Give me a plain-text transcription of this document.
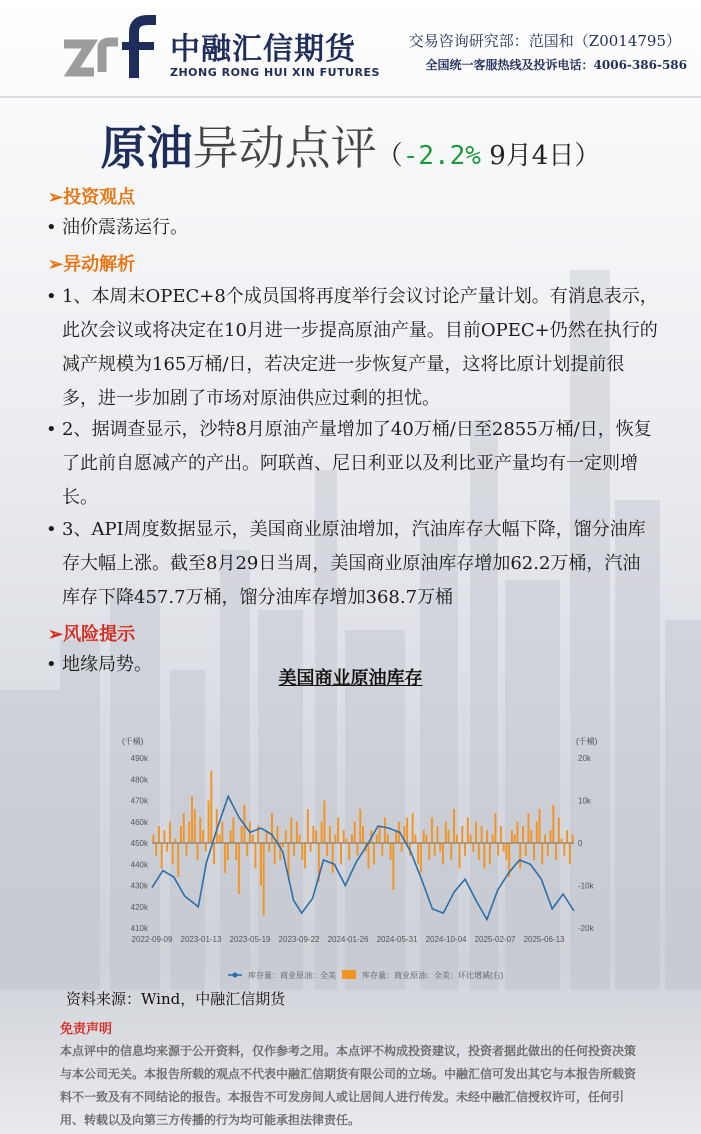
中融汇信期货
ZHONG RONG HUI XIN FUTURES
交易咨询研究部：范国和（Z0014795）
全国统一客服热线及投诉电话：4006-386-586
原油异动点评（-2.2% 9月4日）
➢投资观点
• 油价震荡运行。
➢异动解析
• 1、本周末OPEC+8个成员国将再度举行会议讨论产量计划。有消息表示，此次会议或将决定在10月进一步提高原油产量。目前OPEC+仍然在执行的减产规模为165万桶/日，若决定进一步恢复产量，这将比原计划提前很多，进一步加剧了市场对原油供应过剩的担忧。
• 2、据调查显示，沙特8月原油产量增加了40万桶/日至2855万桶/日，恢复了此前自愿减产的产出。阿联酋、尼日利亚以及利比亚产量均有一定则增长。
• 3、API周度数据显示，美国商业原油增加，汽油库存大幅下降，馏分油库存大幅上涨。截至8月29日当周，美国商业原油库存增加62.2万桶，汽油库存下降457.7万桶，馏分油库存增加368.7万桶
➢风险提示
• 地缘局势。
美国商业原油库存
(千桶)	(千桶)
490k
480k
470k
460k
450k
440k
430k
420k
410k
20k
10k
0
-10k
-20k
2022-09-09 2023-01-13 2023-05-19 2023-09-22 2024-01-26 2024-05-31 2024-10-04 2025-02-07 2025-06-13
库存量：商业原油：全美	库存量：商业原油：全美：环比增减(右)
资料来源：Wind，中融汇信期货
免责声明
本点评中的信息均来源于公开资料，仅作参考之用。本点评不构成投资建议，投资者据此做出的任何投资决策与本公司无关。本报告所载的观点不代表中融汇信期货有限公司的立场。中融汇信可发出其它与本报告所载资料不一致及有不同结论的报告。本报告不可发房间人或让居间人进行传发。未经中融汇信授权许可，任何引用、转载以及向第三方传播的行为均可能承担法律责任。
